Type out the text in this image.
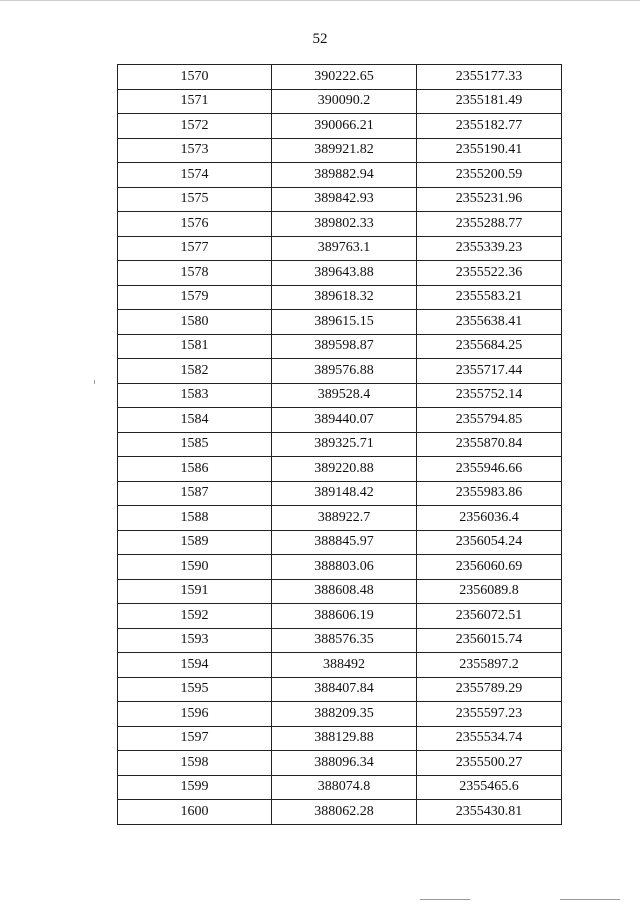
52
1570	390222.65	2355177.33
1571	390090.2	2355181.49
1572	390066.21	2355182.77
1573	389921.82	2355190.41
1574	389882.94	2355200.59
1575	389842.93	2355231.96
1576	389802.33	2355288.77
1577	389763.1	2355339.23
1578	389643.88	2355522.36
1579	389618.32	2355583.21
1580	389615.15	2355638.41
1581	389598.87	2355684.25
1582	389576.88	2355717.44
1583	389528.4	2355752.14
1584	389440.07	2355794.85
1585	389325.71	2355870.84
1586	389220.88	2355946.66
1587	389148.42	2355983.86
1588	388922.7	2356036.4
1589	388845.97	2356054.24
1590	388803.06	2356060.69
1591	388608.48	2356089.8
1592	388606.19	2356072.51
1593	388576.35	2356015.74
1594	388492	2355897.2
1595	388407.84	2355789.29
1596	388209.35	2355597.23
1597	388129.88	2355534.74
1598	388096.34	2355500.27
1599	388074.8	2355465.6
1600	388062.28	2355430.81
